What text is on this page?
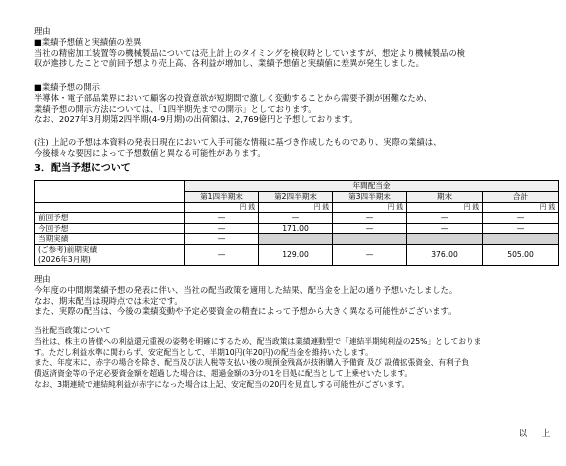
理由

■業績予想値と実績値の差異

当社の精密加工装置等の機械製品については売上計上のタイミングを検収時としていますが、想定より機械製品の検

収が進捗したことで前回予想より売上高、各利益が増加し、業績予想値と実績値に差異が発生しました。

■業績予想の開示

半導体・電子部品業界において顧客の投資意欲が短期間で激しく変動することから需要予測が困難なため、

業績予想の開示方法については、「1四半期先までの開示」としております。

なお、2027年3月期第2四半期(4-9月期)の出荷額は、2,769億円と予想しております。

(注) 上記の予想は本資料の発表日現在において入手可能な情報に基づき作成したものであり、実際の業績は、

今後様々な要因によって予想数値と異なる可能性があります。

3．配当予想について
	年間配当金				
	第1四半期末	第2四半期末	第3四半期末	期末	合計
	円 銭	円 銭	円 銭	円 銭	円 銭
前回予想	—	—	—	—	—
今回予想	—	171.00	—	—	—
当期実績	—				

(ご参考)前期実績
(2026年3月期)	—	129.00	—	376.00	505.00

理由

今年度の中間期業績予想の発表に伴い、当社の配当政策を適用した結果、配当金を上記の通り予想いたしました。

なお、期末配当は現時点では未定です。

また、実際の配当は、今後の業績変動や予定必要資金の精査によって予想から大きく異なる可能性がございます。

当社配当政策について

当社は、株主の皆様への利益還元重視の姿勢を明確にするため、配当政策は業績連動型で「連結半期純利益の25%」としておりま

す。ただし利益水準に関わらず、安定配当として、半期10円(年20円)の配当金を維持いたします。

また、年度末に、赤字の場合を除き、配当及び法人税等支払い後の現預金残高が技術購入予備資 及び 設備拡張資金、有利子負

債返済資金等の予定必要資金額を超過した場合は、超過金額の3分の1を目処に配当として上乗せいたします。

なお、3期連続で連結純利益が赤字になった場合は上記、安定配当の20円を見直しする可能性がございます。

以 上
